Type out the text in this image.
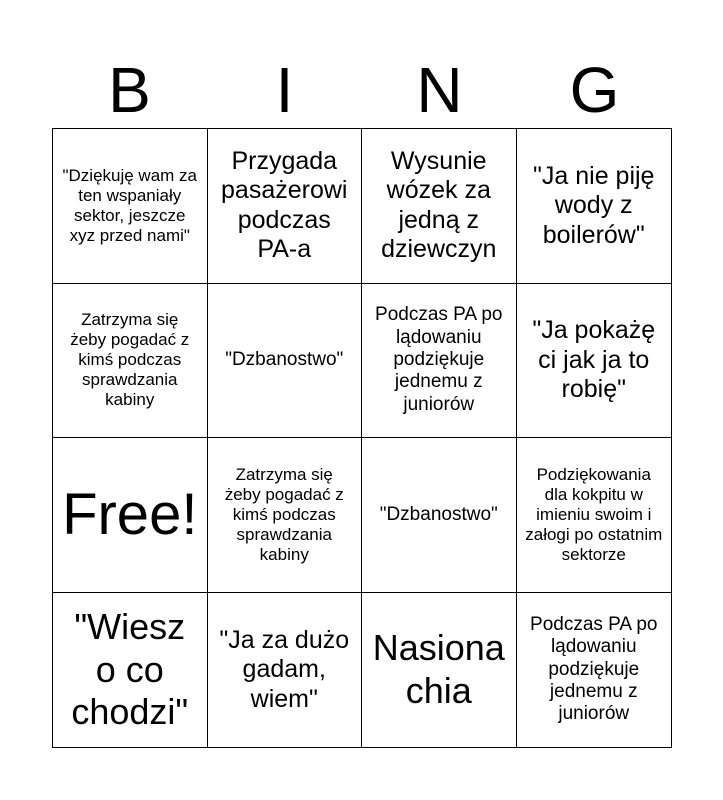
B	I	N	G
"Dziękuję wam za ten wspaniały sektor, jeszcze xyz przed nami"
Przygada pasażerowi podczas PA-a
Wysunie wózek za jedną z dziewczyn
"Ja nie piję wody z boilerów"
Zatrzyma się żeby pogadać z kimś podczas sprawdzania kabiny
"Dzbanostwo"
Podczas PA po lądowaniu podziękuje jednemu z juniorów
"Ja pokażę ci jak ja to robię"
Free!
Zatrzyma się żeby pogadać z kimś podczas sprawdzania kabiny
"Dzbanostwo"
Podziękowania dla kokpitu w imieniu swoim i załogi po ostatnim sektorze
"Wiesz o co chodzi"
"Ja za dużo gadam, wiem"
Nasiona chia
Podczas PA po lądowaniu podziękuje jednemu z juniorów
